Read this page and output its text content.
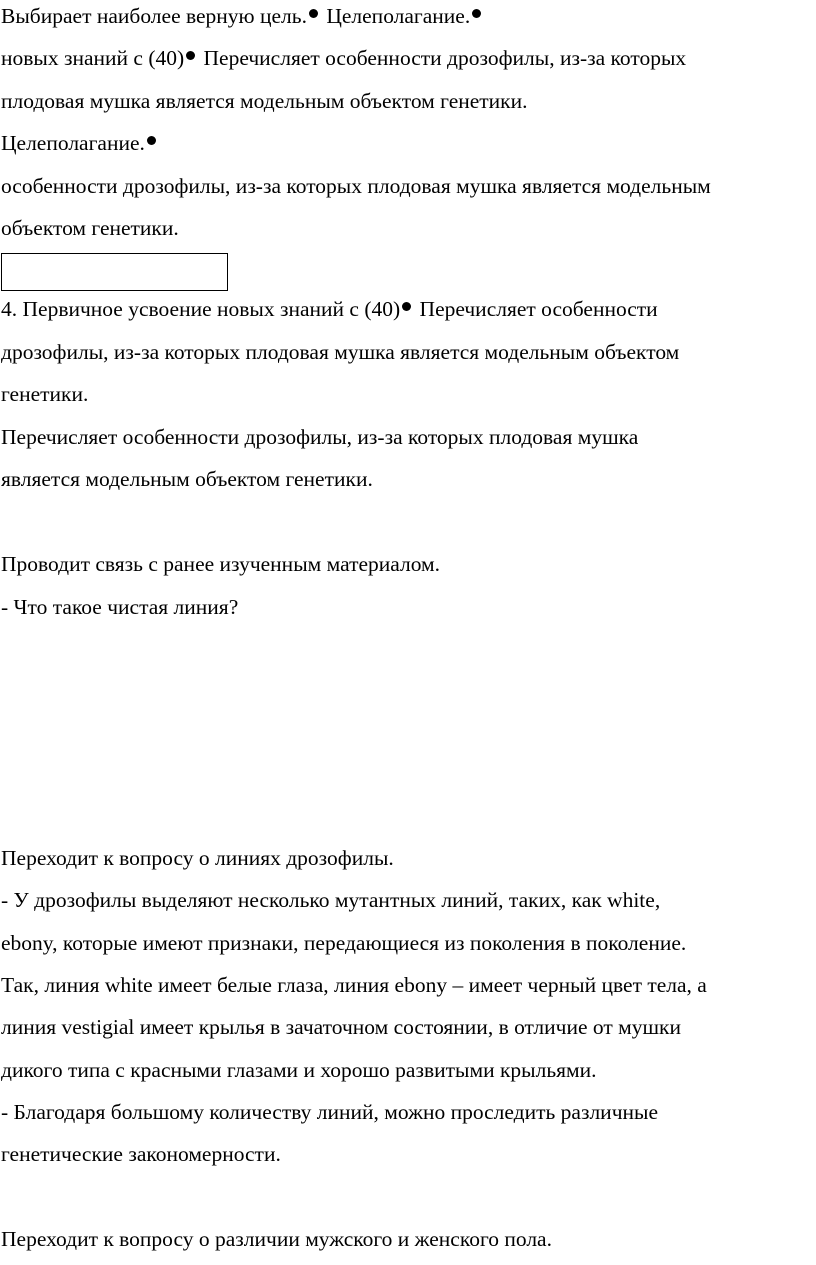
Выбирает наиболее верную цель. Целеполагание.
новых знаний с (40) Перечисляет особенности дрозофилы, из-за которых
плодовая мушка является модельным объектом генетики.
Целеполагание.
особенности дрозофилы, из-за которых плодовая мушка является модельным
объектом генетики.
4. Первичное усвоение новых знаний с (40) Перечисляет особенности
дрозофилы, из-за которых плодовая мушка является модельным объектом
генетики.
Перечисляет особенности дрозофилы, из-за которых плодовая мушка
является модельным объектом генетики.
Проводит связь с ранее изученным материалом.
- Что такое чистая линия?
Переходит к вопросу о линиях дрозофилы.
- У дрозофилы выделяют несколько мутантных линий, таких, как white,
ebony, которые имеют признаки, передающиеся из поколения в поколение.
Так, линия white имеет белые глаза, линия ebony – имеет черный цвет тела, а
линия vestigial имеет крылья в зачаточном состоянии, в отличие от мушки
дикого типа с красными глазами и хорошо развитыми крыльями.
- Благодаря большому количеству линий, можно проследить различные
генетические закономерности.
Переходит к вопросу о различии мужского и женского пола.
